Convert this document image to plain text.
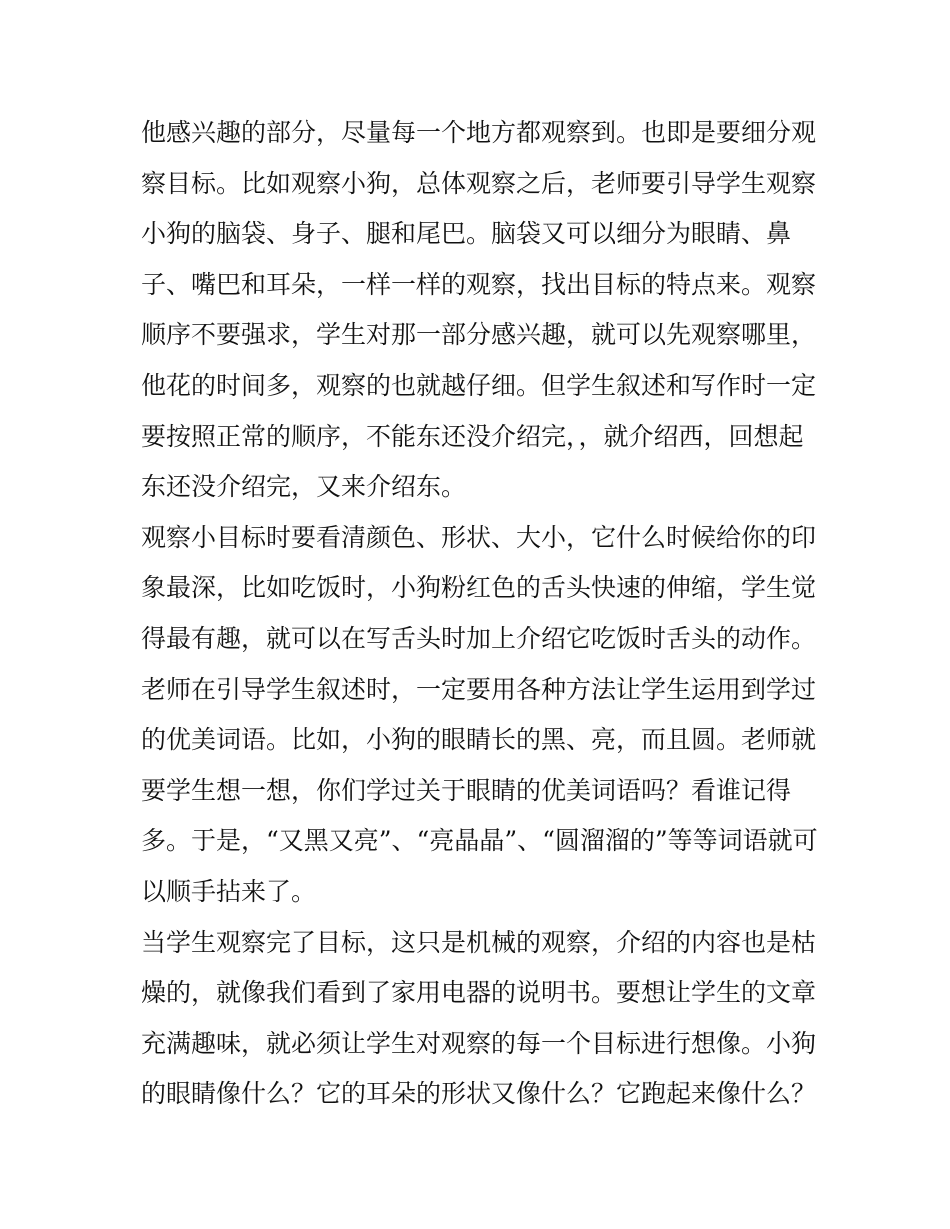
他感兴趣的部分，尽量每一个地方都观察到。也即是要细分观
察目标。比如观察小狗，总体观察之后，老师要引导学生观察
小狗的脑袋、身子、腿和尾巴。脑袋又可以细分为眼睛、鼻
子、嘴巴和耳朵，一样一样的观察，找出目标的特点来。观察
顺序不要强求，学生对那一部分感兴趣，就可以先观察哪里，
他花的时间多，观察的也就越仔细。但学生叙述和写作时一定
要按照正常的顺序，不能东还没介绍完，，就介绍西，回想起
东还没介绍完，又来介绍东。
观察小目标时要看清颜色、形状、大小，它什么时候给你的印
象最深，比如吃饭时，小狗粉红色的舌头快速的伸缩，学生觉
得最有趣，就可以在写舌头时加上介绍它吃饭时舌头的动作。
老师在引导学生叙述时，一定要用各种方法让学生运用到学过
的优美词语。比如，小狗的眼睛长的黑、亮，而且圆。老师就
要学生想一想，你们学过关于眼睛的优美词语吗？看谁记得
多。于是，“又黑又亮”、“亮晶晶”、“圆溜溜的”等等词语就可
以顺手拈来了。
当学生观察完了目标，这只是机械的观察，介绍的内容也是枯
燥的，就像我们看到了家用电器的说明书。要想让学生的文章
充满趣味，就必须让学生对观察的每一个目标进行想像。小狗
的眼睛像什么？它的耳朵的形状又像什么？它跑起来像什么？
